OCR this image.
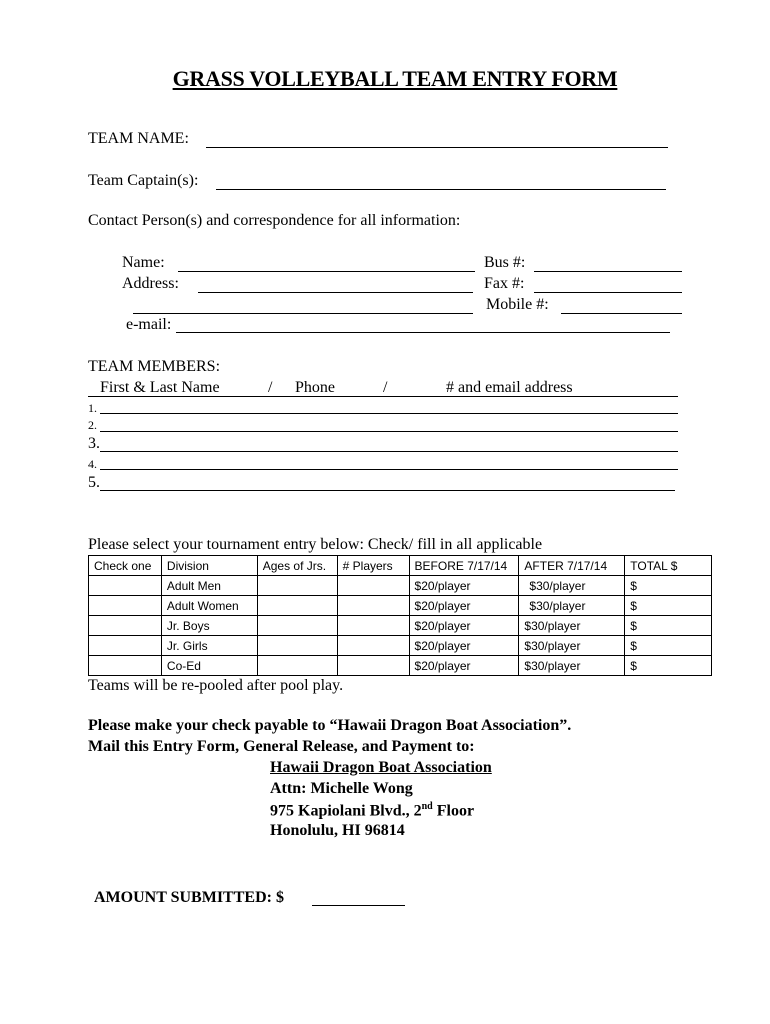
GRASS VOLLEYBALL TEAM ENTRY FORM
TEAM NAME:
Team Captain(s):
Contact Person(s) and correspondence for all information:
Name:	Bus #:
Address:	Fax #:
Mobile #:
e-mail:
TEAM MEMBERS:
First & Last Name	/ Phone	/	# and email address
1.
2.
3.
4.
5.
Please select your tournament entry below: Check/ fill in all applicable
Check one	Division	Ages of Jrs.	# Players	BEFORE 7/17/14	AFTER 7/17/14	TOTAL $
	Adult Men			$20/player	$30/player	$
	Adult Women			$20/player	$30/player	$
	Jr. Boys			$20/player	$30/player	$
	Jr. Girls			$20/player	$30/player	$
	Co-Ed			$20/player	$30/player	$
Teams will be re-pooled after pool play.
Please make your check payable to “Hawaii Dragon Boat Association”.
Mail this Entry Form, General Release, and Payment to:
Hawaii Dragon Boat Association
Attn: Michelle Wong
975 Kapiolani Blvd., 2nd Floor
Honolulu, HI 96814
AMOUNT SUBMITTED: $
